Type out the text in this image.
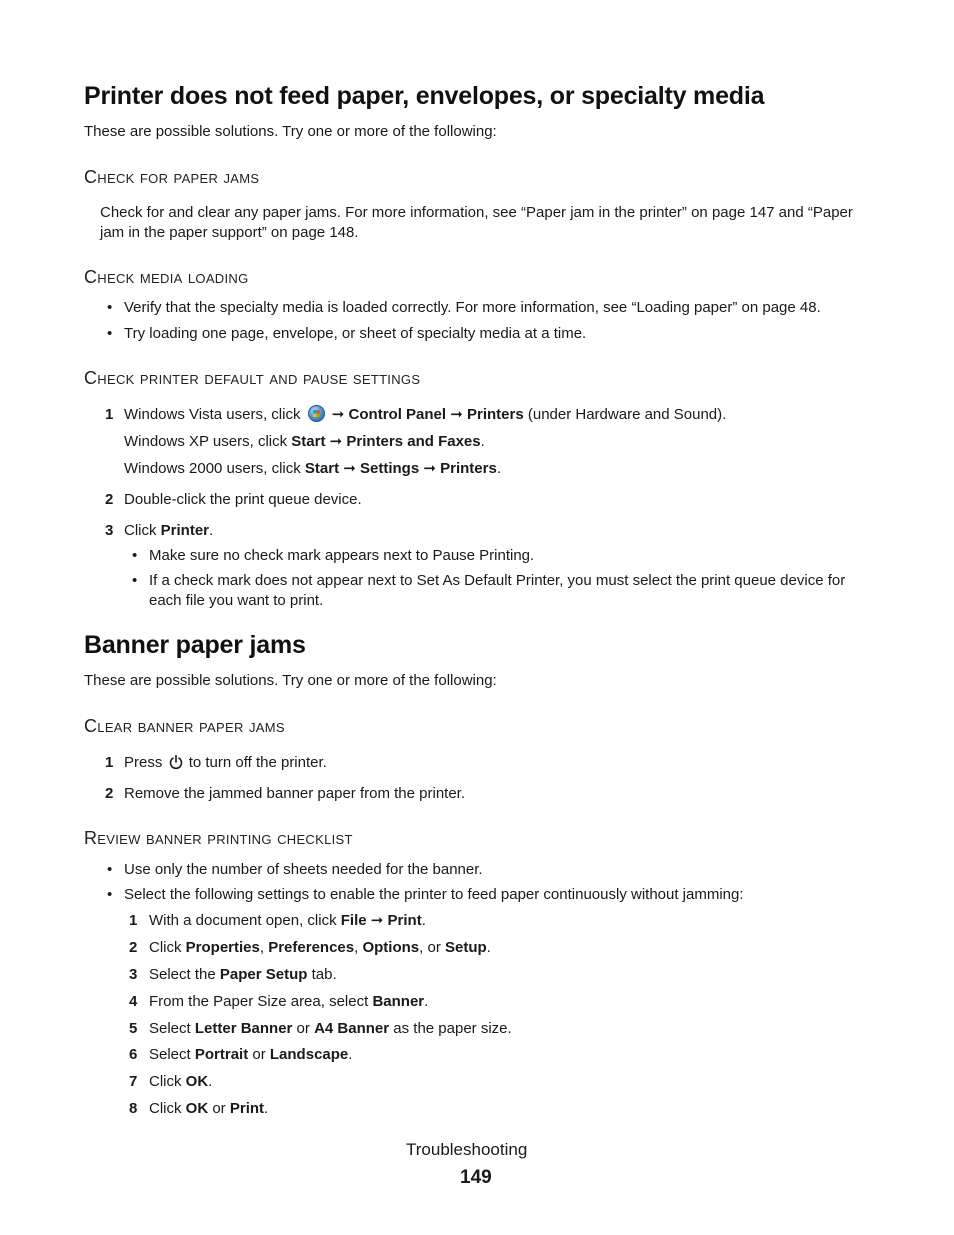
Printer does not feed paper, envelopes, or specialty media
These are possible solutions. Try one or more of the following:
Check for paper jams
Check for and clear any paper jams. For more information, see “Paper jam in the printer” on page 147 and “Paper jam in the paper support” on page 148.
Check media loading
• Verify that the specialty media is loaded correctly. For more information, see “Loading paper” on page 48.
• Try loading one page, envelope, or sheet of specialty media at a time.
Check printer default and pause settings
1 Windows Vista users, click ➞ Control Panel ➞ Printers (under Hardware and Sound).
Windows XP users, click Start ➞ Printers and Faxes.
Windows 2000 users, click Start ➞ Settings ➞ Printers.
2 Double-click the print queue device.
3 Click Printer.
• Make sure no check mark appears next to Pause Printing.
• If a check mark does not appear next to Set As Default Printer, you must select the print queue device for each file you want to print.
Banner paper jams
These are possible solutions. Try one or more of the following:
Clear banner paper jams
1 Press to turn off the printer.
2 Remove the jammed banner paper from the printer.
Review banner printing checklist
• Use only the number of sheets needed for the banner.
• Select the following settings to enable the printer to feed paper continuously without jamming:
1 With a document open, click File ➞ Print.
2 Click Properties, Preferences, Options, or Setup.
3 Select the Paper Setup tab.
4 From the Paper Size area, select Banner.
5 Select Letter Banner or A4 Banner as the paper size.
6 Select Portrait or Landscape.
7 Click OK.
8 Click OK or Print.
Troubleshooting
149
